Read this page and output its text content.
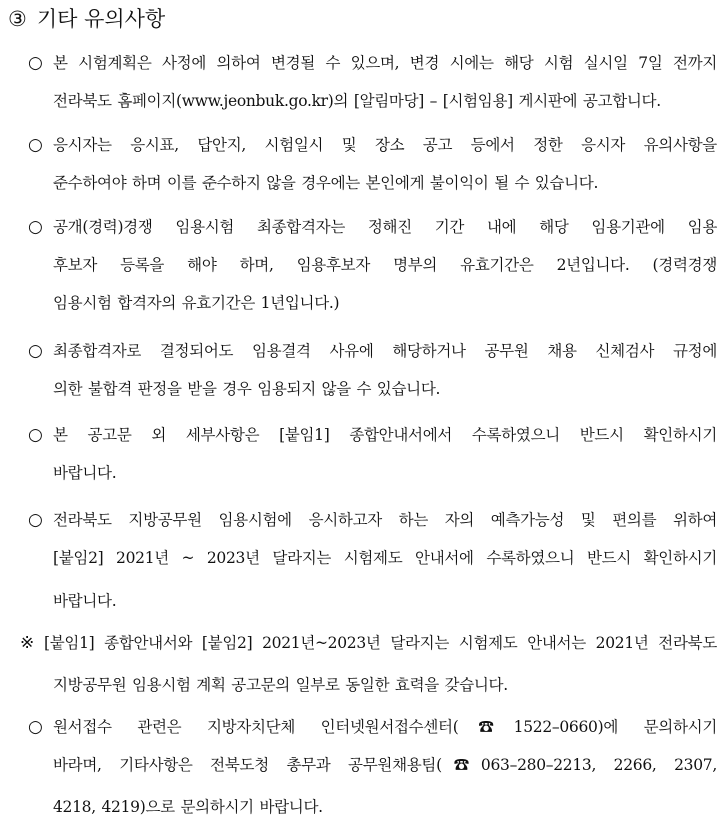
③ 기타 유의사항
○ 본 시험계획은 사정에 의하여 변경될 수 있으며, 변경 시에는 해당 시험 실시일 7일 전까지
전라북도 홈페이지(www.jeonbuk.go.kr)의 [알림마당] – [시험임용] 게시판에 공고합니다.
○ 응시자는 응시표, 답안지, 시험일시 및 장소 공고 등에서 정한 응시자 유의사항을
준수하여야 하며 이를 준수하지 않을 경우에는 본인에게 불이익이 될 수 있습니다.
○ 공개(경력)경쟁 임용시험 최종합격자는 정해진 기간 내에 해당 임용기관에 임용
후보자 등록을 해야 하며, 임용후보자 명부의 유효기간은 2년입니다. (경력경쟁
임용시험 합격자의 유효기간은 1년입니다.)
○ 최종합격자로 결정되어도 임용결격 사유에 해당하거나 공무원 채용 신체검사 규정에
의한 불합격 판정을 받을 경우 임용되지 않을 수 있습니다.
○ 본 공고문 외 세부사항은 [붙임1] 종합안내서에서 수록하였으니 반드시 확인하시기
바랍니다.
○ 전라북도 지방공무원 임용시험에 응시하고자 하는 자의 예측가능성 및 편의를 위하여
[붙임2] 2021년 ~ 2023년 달라지는 시험제도 안내서에 수록하였으니 반드시 확인하시기
바랍니다.
※ [붙임1] 종합안내서와 [붙임2] 2021년~2023년 달라지는 시험제도 안내서는 2021년 전라북도
지방공무원 임용시험 계획 공고문의 일부로 동일한 효력을 갖습니다.
○ 원서접수 관련은 지방자치단체 인터넷원서접수센터(☎1522–0660)에 문의하시기
바라며, 기타사항은 전북도청 총무과 공무원채용팀(☎063–280–2213, 2266, 2307,
4218, 4219)으로 문의하시기 바랍니다.
